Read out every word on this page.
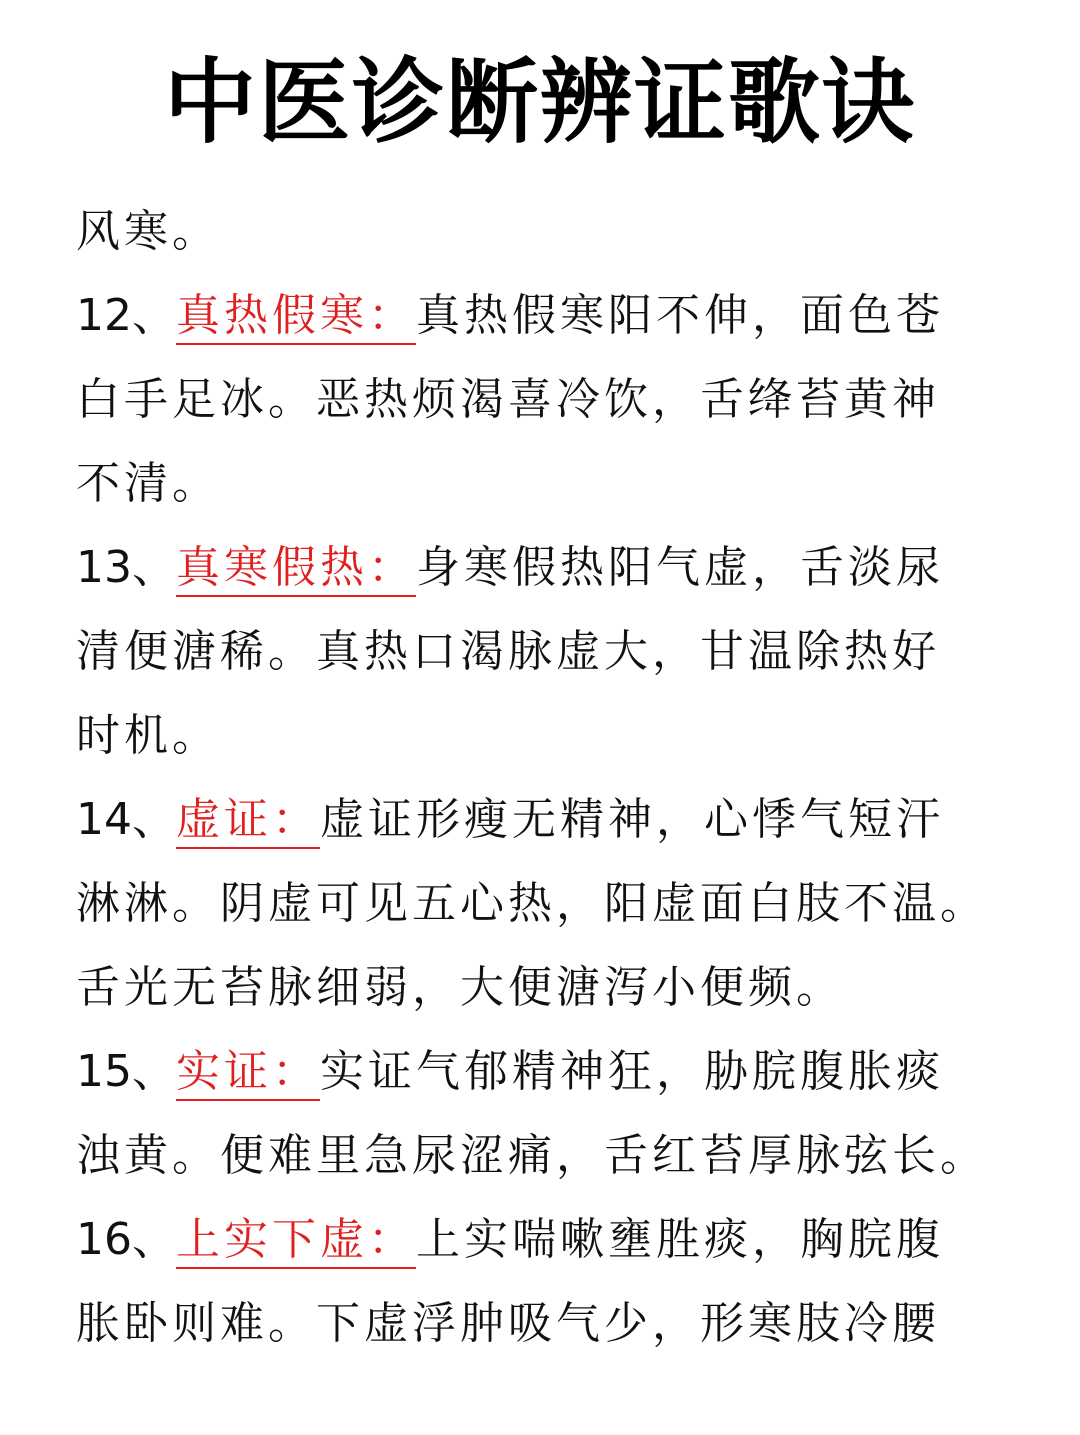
中医诊断辨证歌诀
风寒。
12、真热假寒：真热假寒阳不伸，面色苍
白手足冰。恶热烦渴喜冷饮，舌绛苔黄神
不清。
13、真寒假热：身寒假热阳气虚，舌淡尿
清便溏稀。真热口渴脉虚大，甘温除热好
时机。
14、虚证：虚证形瘦无精神，心悸气短汗
淋淋。阴虚可见五心热，阳虚面白肢不温。
舌光无苔脉细弱，大便溏泻小便频。
15、实证：实证气郁精神狂，胁脘腹胀痰
浊黄。便难里急尿涩痛，舌红苔厚脉弦长。
16、上实下虚：上实喘嗽壅胜痰，胸脘腹
胀卧则难。下虚浮肿吸气少，形寒肢冷腰
